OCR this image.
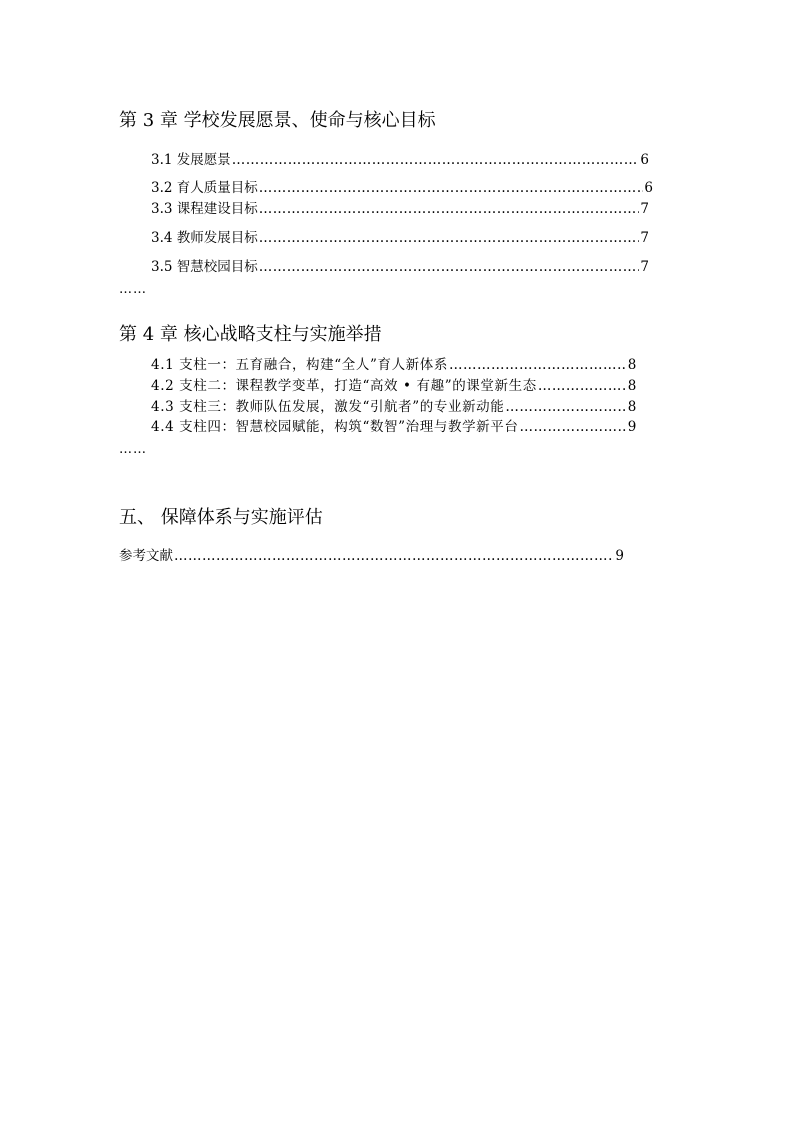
第 3 章 学校发展愿景、使命与核心目标
3.1 发展愿景 …………………………………………………………………………………………………………………………………………………………………………………………………………	6
3.2 育人质量目标 …………………………………………………………………………………………………………………………………………………………………………………………………………	6
3.3 课程建设目标 …………………………………………………………………………………………………………………………………………………………………………………………………………	7
3.4 教师发展目标 …………………………………………………………………………………………………………………………………………………………………………………………………………	7
3.5 智慧校园目标 …………………………………………………………………………………………………………………………………………………………………………………………………………	7
……
第 4 章 核心战略支柱与实施举措
4.1 支柱一：五育融合，构建“全人”育人新体系 …………………………………………………………………………………………………………………………………………………………………………………………………………	8
4.2 支柱二：课程教学变革，打造“高效 • 有趣”的课堂新生态 …………………………………………………………………………………………………………………………………………………………………………………………………………	8
4.3 支柱三：教师队伍发展，激发“引航者”的专业新动能 …………………………………………………………………………………………………………………………………………………………………………………………………………	8
4.4 支柱四：智慧校园赋能，构筑“数智”治理与教学新平台 …………………………………………………………………………………………………………………………………………………………………………………………………………	9
……
五、 保障体系与实施评估
参考文献 …………………………………………………………………………………………………………………………………………………………………………………………………………	9
